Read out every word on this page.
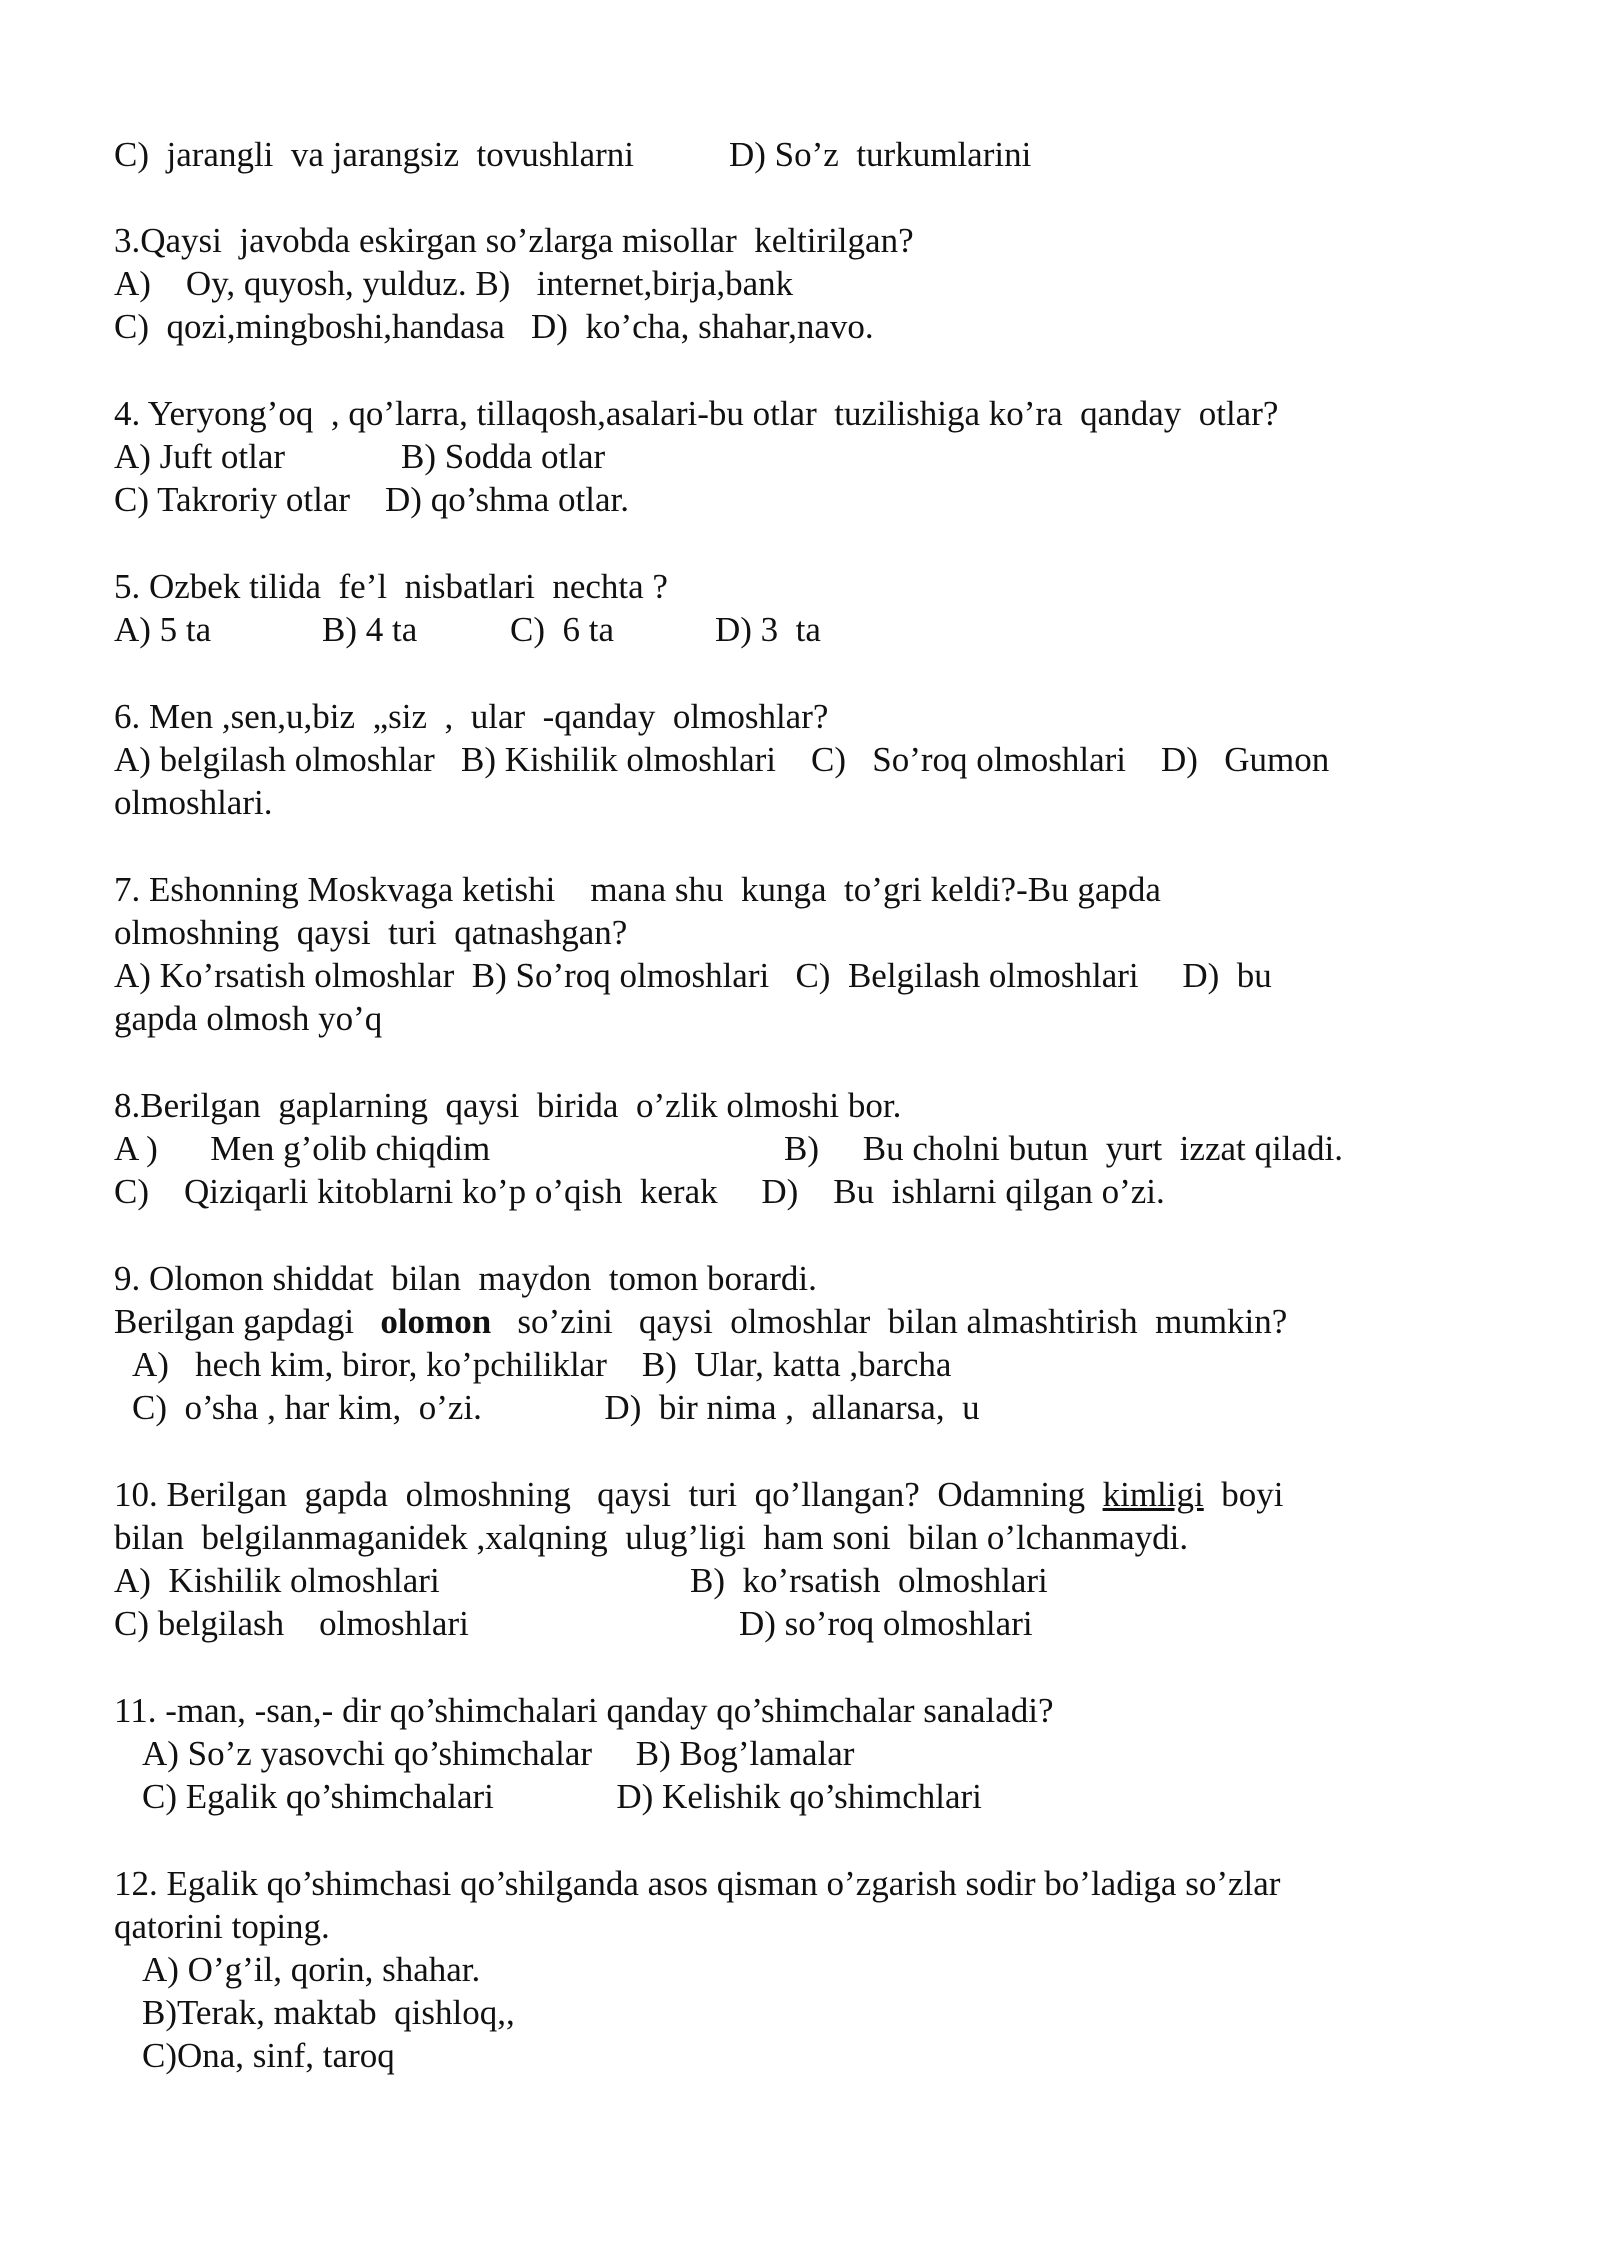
C)  jarangli  va jarangsiz  tovushlarni	D) So’z  turkumlarini
3.Qaysi  javobda eskirgan so’zlarga misollar  keltirilgan?
A)    Oy, quyosh, yulduz. B)   internet,birja,bank
C)  qozi,mingboshi,handasa   D)  ko’cha, shahar,navo.
4. Yeryong’oq  , qo’larra, tillaqosh,asalari-bu otlar  tuzilishiga ko’ra  qanday  otlar?
A) Juft otlar	B) Sodda otlar
C) Takroriy otlar    D) qo’shma otlar.
5. Ozbek tilida  fe’l  nisbatlari  nechta ?
A) 5 ta	B) 4 ta	C)  6 ta	D) 3  ta
6. Men ,sen,u,biz  „siz  ,  ular  -qanday  olmoshlar?
A) belgilash olmoshlar   B) Kishilik olmoshlari    C)   So’roq olmoshlari    D)   Gumon
olmoshlari.
7. Eshonning Moskvaga ketishi    mana shu  kunga  to’gri keldi?-Bu gapda
olmoshning  qaysi  turi  qatnashgan?
A) Ko’rsatish olmoshlar  B) So’roq olmoshlari   C)  Belgilash olmoshlari     D)  bu
gapda olmosh yo’q
8.Berilgan  gaplarning  qaysi  birida  o’zlik olmoshi bor.
A )      Men g’olib chiqdim	B)     Bu cholni butun  yurt  izzat qiladi.
C)    Qiziqarli kitoblarni ko’p o’qish  kerak     D)    Bu  ishlarni qilgan o’zi.
9. Olomon shiddat  bilan  maydon  tomon borardi.
Berilgan gapdagi   olomon   so’zini   qaysi  olmoshlar  bilan almashtirish  mumkin?
A)   hech kim, biror, ko’pchiliklar    B)  Ular, katta ,barcha
C)  o’sha , har kim,  o’zi.              D)  bir nima ,  allanarsa,  u
10. Berilgan  gapda  olmoshning   qaysi  turi  qo’llangan?  Odamning  kimligi  boyi
bilan  belgilanmaganidek ,xalqning  ulug’ligi  ham soni  bilan o’lchanmaydi.
A)  Kishilik olmoshlari	B)  ko’rsatish  olmoshlari
C) belgilash    olmoshlari	D) so’roq olmoshlari
11. -man, -san,- dir qo’shimchalari qanday qo’shimchalar sanaladi?
A) So’z yasovchi qo’shimchalar     B) Bog’lamalar
C) Egalik qo’shimchalari              D) Kelishik qo’shimchlari
12. Egalik qo’shimchasi qo’shilganda asos qisman o’zgarish sodir bo’ladiga so’zlar
qatorini toping.
A) O’g’il, qorin, shahar.
B)Terak, maktab  qishloq,,
C)Ona, sinf, taroq
